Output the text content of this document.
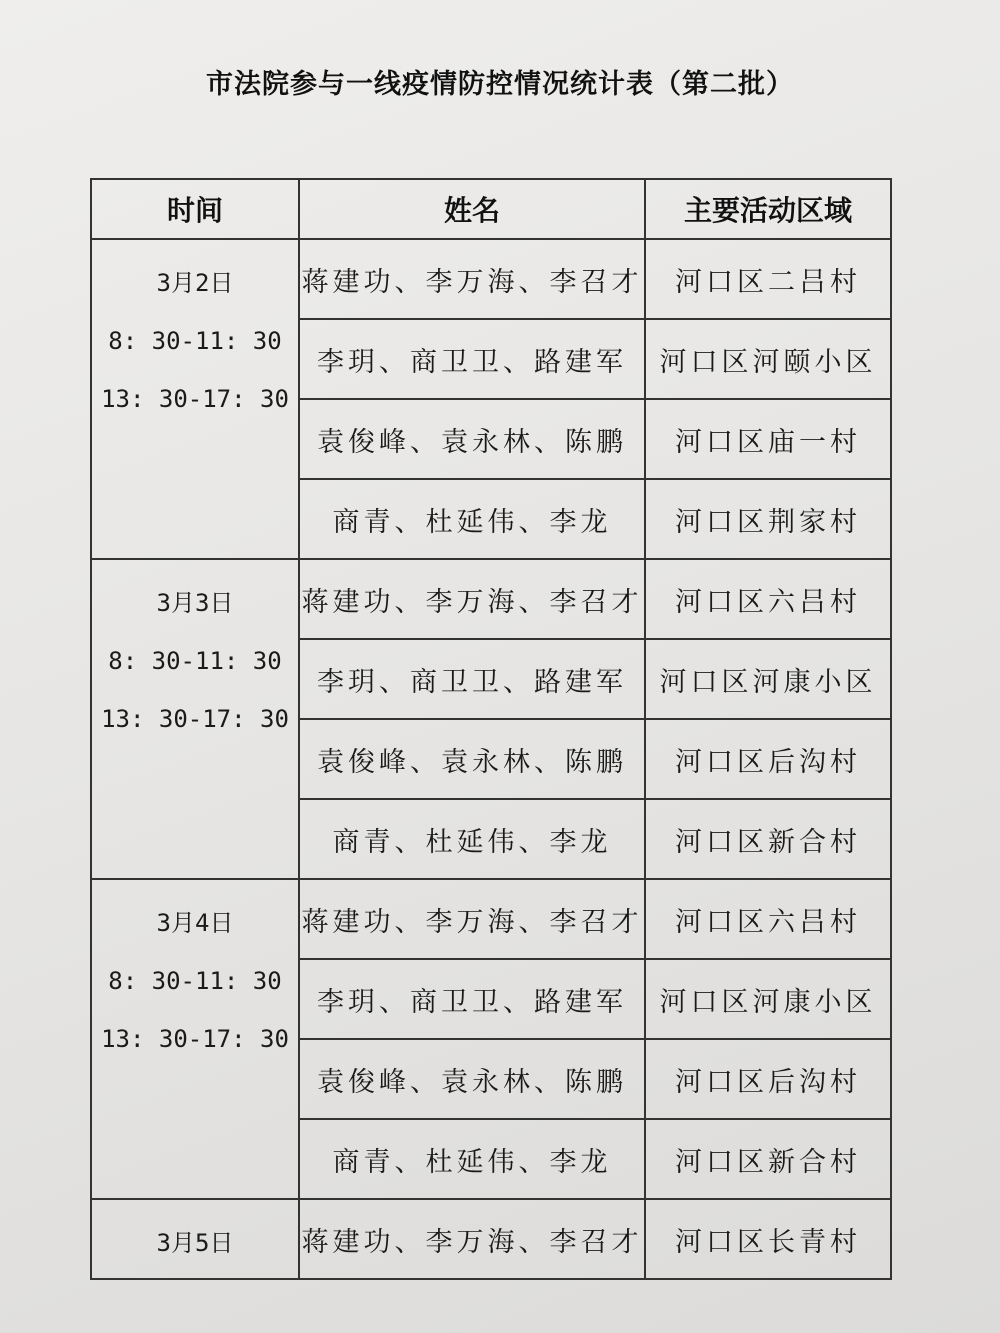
市法院参与一线疫情防控情况统计表（第二批）
时间	姓名	主要活动区域

3月2日
8: 30-11: 30
13: 30-17: 30	蒋建功、李万海、李召才	河口区二吕村
	李玥、商卫卫、路建军	河口区河颐小区
	袁俊峰、袁永林、陈鹏	河口区庙一村
	商青、杜延伟、李龙	河口区荆家村

3月3日
8: 30-11: 30
13: 30-17: 30	蒋建功、李万海、李召才	河口区六吕村
	李玥、商卫卫、路建军	河口区河康小区
	袁俊峰、袁永林、陈鹏	河口区后沟村
	商青、杜延伟、李龙	河口区新合村

3月4日
8: 30-11: 30
13: 30-17: 30	蒋建功、李万海、李召才	河口区六吕村
	李玥、商卫卫、路建军	河口区河康小区
	袁俊峰、袁永林、陈鹏	河口区后沟村
	商青、杜延伟、李龙	河口区新合村

3月5日	蒋建功、李万海、李召才	河口区长青村
